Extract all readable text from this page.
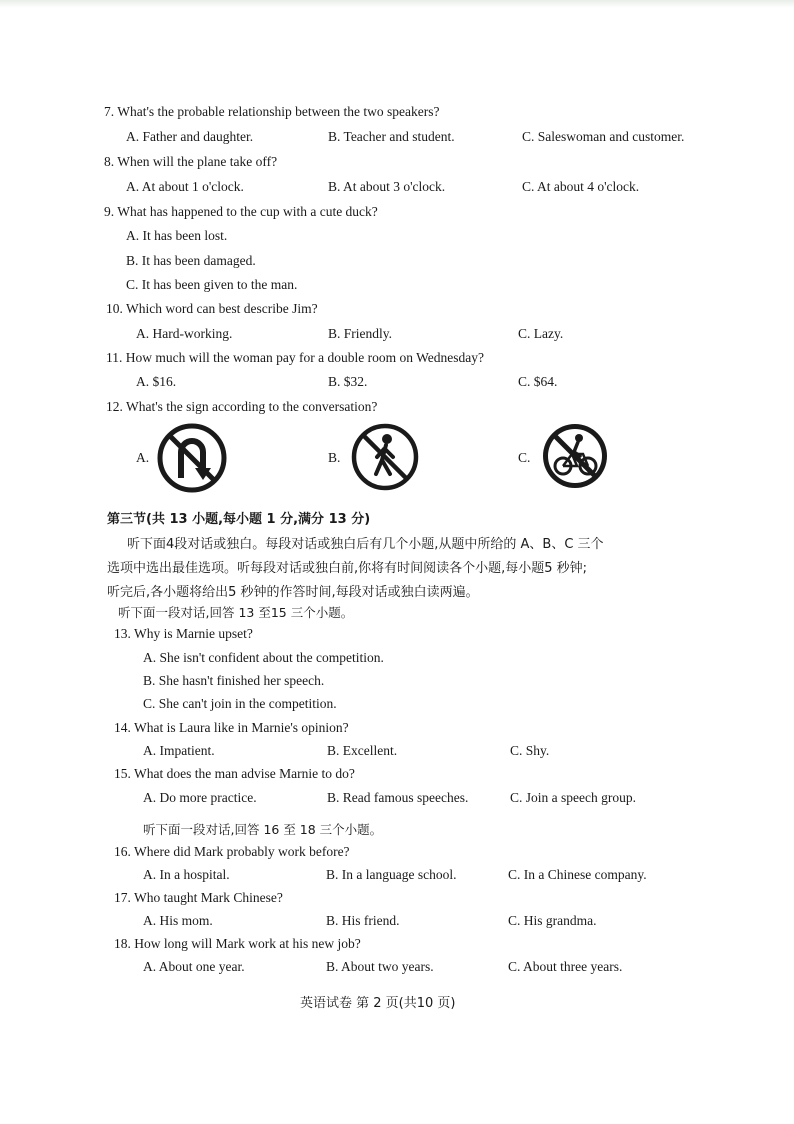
7. What's the probable relationship between the two speakers?
A. Father and daughter.	B. Teacher and student.	C. Saleswoman and customer.
8. When will the plane take off?
A. At about 1 o'clock.	B. At about 3 o'clock.	C. At about 4 o'clock.
9. What has happened to the cup with a cute duck?
A. It has been lost.
B. It has been damaged.
C. It has been given to the man.
10. Which word can best describe Jim?
A. Hard-working.	B. Friendly.	C. Lazy.
11. How much will the woman pay for a double room on Wednesday?
A. $16.	B. $32.	C. $64.
12. What's the sign according to the conversation?
A.	B.	C.
第三节(共 13 小题,每小题 1 分,满分 13 分)
听下面4段对话或独白。每段对话或独白后有几个小题,从题中所给的 A、B、C 三个
选项中选出最佳选项。听每段对话或独白前,你将有时间阅读各个小题,每小题5 秒钟;
听完后,各小题将给出5 秒钟的作答时间,每段对话或独白读两遍。
听下面一段对话,回答 13 至15 三个小题。
13. Why is Marnie upset?
A. She isn't confident about the competition.
B. She hasn't finished her speech.
C. She can't join in the competition.
14. What is Laura like in Marnie's opinion?
A. Impatient.	B. Excellent.	C. Shy.
15. What does the man advise Marnie to do?
A. Do more practice.	B. Read famous speeches.	C. Join a speech group.
听下面一段对话,回答 16 至 18 三个小题。
16. Where did Mark probably work before?
A. In a hospital.	B. In a language school.	C. In a Chinese company.
17. Who taught Mark Chinese?
A. His mom.	B. His friend.	C. His grandma.
18. How long will Mark work at his new job?
A. About one year.	B. About two years.	C. About three years.
英语试卷 第 2 页(共10 页)
